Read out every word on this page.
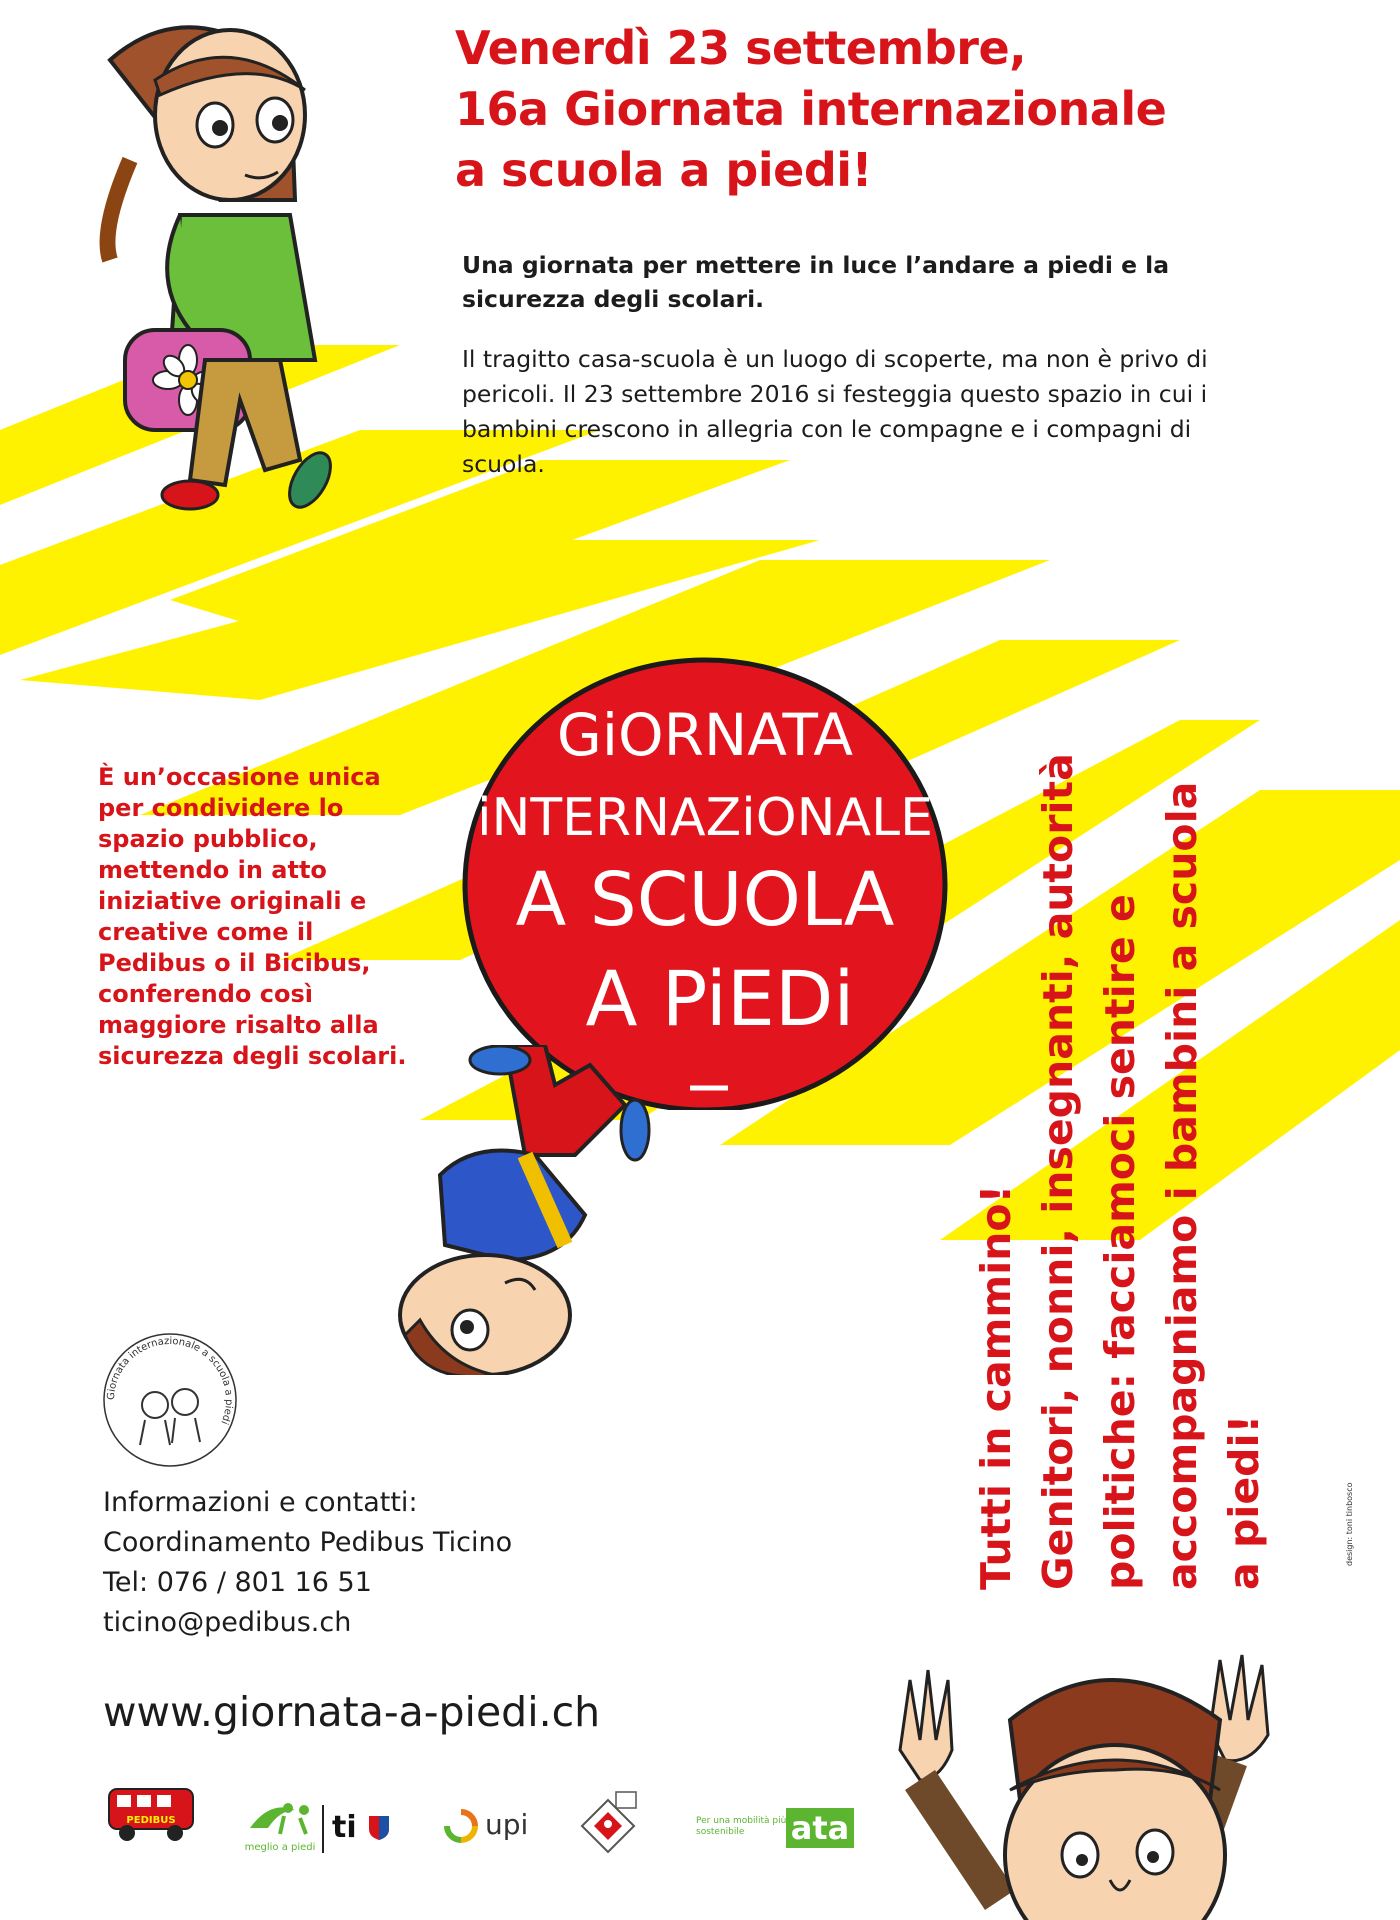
Venerdì 23 settembre,
16a Giornata internazionale
a scuola a piedi!

Una giornata per mettere in luce l’andare a piedi e la sicurezza degli scolari.

Il tragitto casa-scuola è un luogo di scoperte, ma non è privo di pericoli. Il 23 settembre 2016 si festeggia questo spazio in cui i bambini crescono in allegria con le compagne e i compagni di scuola.

GiORNATA
iNTERNAZiONALE
A SCUOLA
A PiEDi

È un’occasione unica per condividere lo spazio pubblico, mettendo in atto iniziative originali e creative come il Pedibus o il Bicibus, conferendo così maggiore risalto alla sicurezza degli scolari.

Tutti in cammino! Genitori, nonni, insegnanti, autorità politiche: facciamoci sentire e accompagniamo i bambini a scuola a piedi!	design: toni tinbosco
Giornata internazionale a scuola a piedi
Informazioni e contatti:
Coordinamento Pedibus Ticino
Tel: 076 / 801 16 51
ticino@pedibus.ch
www.giornata-a-piedi.ch
PEDIBUS
meglio a piedi
ti	upi	Per una mobilità più sostenibile	ata
